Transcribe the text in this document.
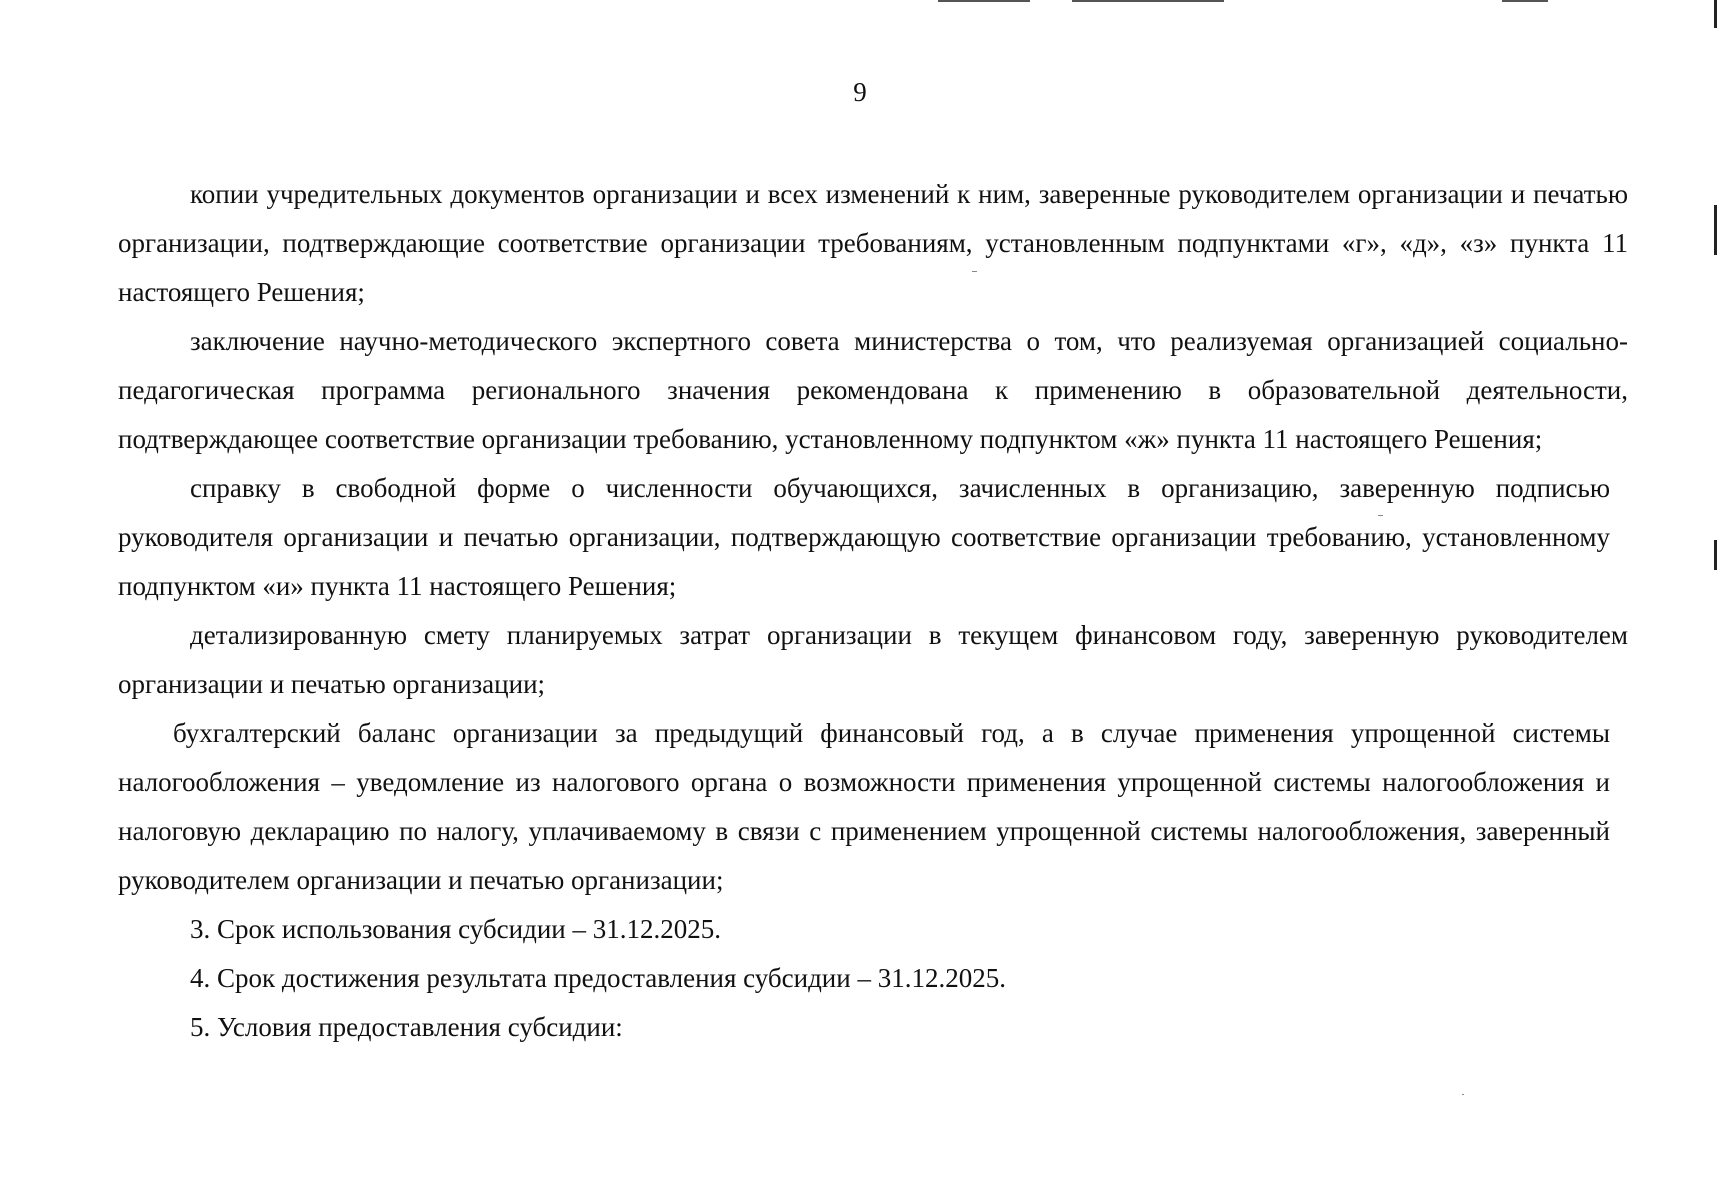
9

копии учредительных документов организации и всех изменений к ним, заверенные руководителем организации и печатью организации, подтверждающие соответствие организации требованиям, установленным подпунктами «г», «д», «з» пункта 11 настоящего Решения;

заключение научно-методического экспертного совета министерства о том, что реализуемая организацией социально-педагогическая программа регионального значения рекомендована к применению в образовательной деятельности, подтверждающее соответствие организации требованию, установленному подпунктом «ж» пункта 11 настоящего Решения;

справку в свободной форме о численности обучающихся, зачисленных в организацию, заверенную подписью руководителя организации и печатью организации, подтверждающую соответствие организации требованию, установленному подпунктом «и» пункта 11 настоящего Решения;

детализированную смету планируемых затрат организации в текущем финансовом году, заверенную руководителем организации и печатью организации;

бухгалтерский баланс организации за предыдущий финансовый год, а в случае применения упрощенной системы налогообложения – уведомление из налогового органа о возможности применения упрощенной системы налогообложения и налоговую декларацию по налогу, уплачиваемому в связи с применением упрощенной системы налогообложения, заверенный руководителем организации и печатью организации;

3. Срок использования субсидии – 31.12.2025.

4. Срок достижения результата предоставления субсидии – 31.12.2025.

5. Условия предоставления субсидии:
